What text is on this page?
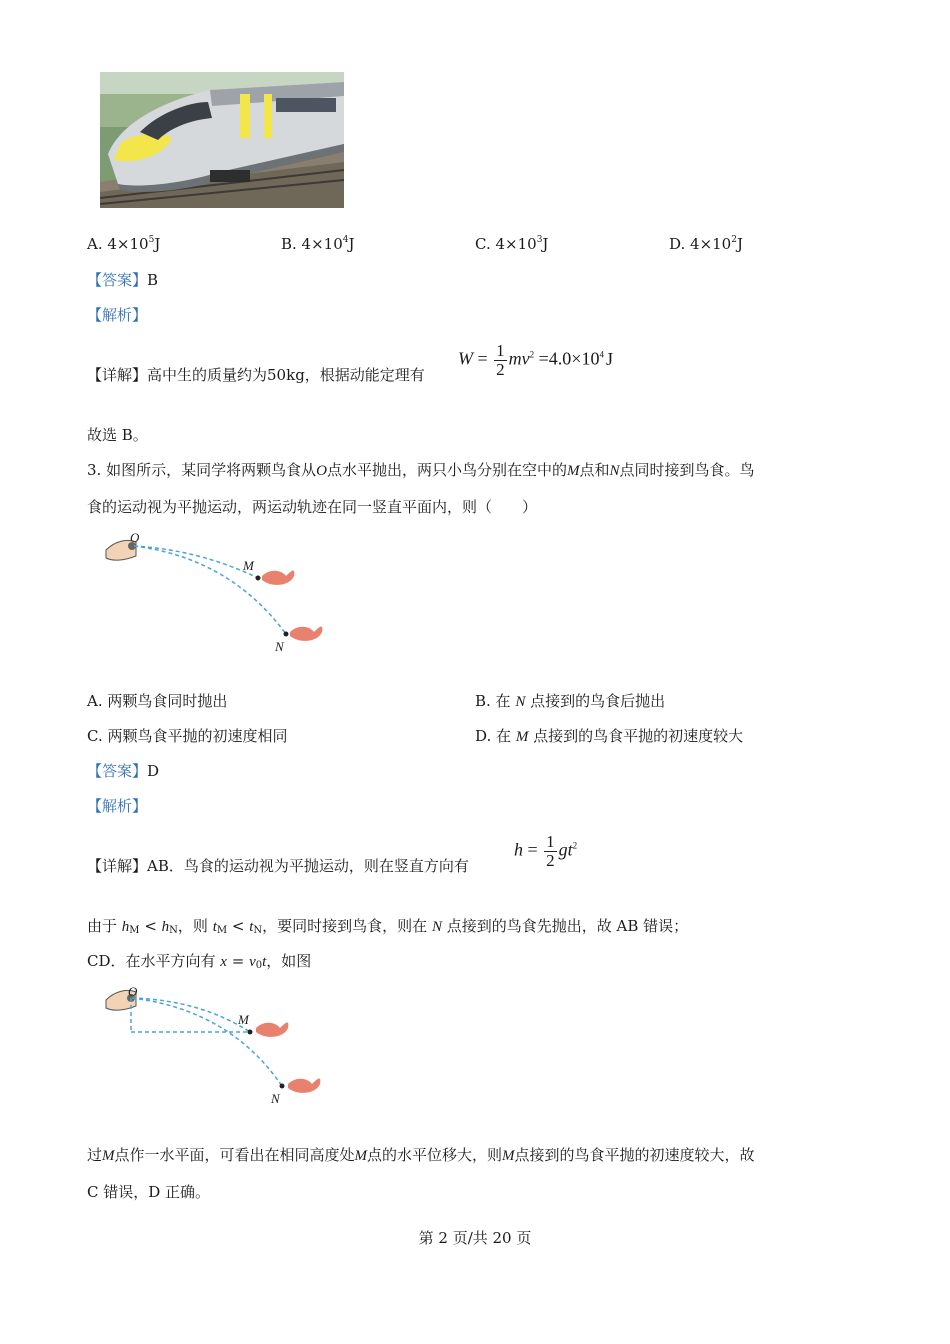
A. $4\times 10^5J$	B. $4\times 10^4J$	C. $4\times 10^3J$	D. $4\times 10^2J$
【答案】B
【解析】
【详解】高中生的质量约为50kg，根据动能定理有
$W = \frac{1}{2} mv^2 =4.0\times 10^4$ J
故选 B。
3. 如图所示，某同学将两颗鸟食从O点水平抛出，两只小鸟分别在空中的M点和N点同时接到鸟食。鸟
食的运动视为平抛运动，两运动轨迹在同一竖直平面内，则（　　）
O
M
N
A. 两颗鸟食同时抛出	B. 在 N 点接到的鸟食后抛出
C. 两颗鸟食平抛的初速度相同	D. 在 M 点接到的鸟食平抛的初速度较大
【答案】D
【解析】
【详解】AB．鸟食的运动视为平抛运动，则在竖直方向有
$h = \frac{1}{2} gt^2$
由于 $h_M < h_N$，则 $t_M < t_N$，要同时接到鸟食，则在 N 点接到的鸟食先抛出，故 AB 错误；
CD．在水平方向有 $x = v_0t$，如图
O
M
N
过M点作一水平面，可看出在相同高度处M点的水平位移大，则M点接到的鸟食平抛的初速度较大，故
C 错误，D 正确。
第 2 页/共 20 页
